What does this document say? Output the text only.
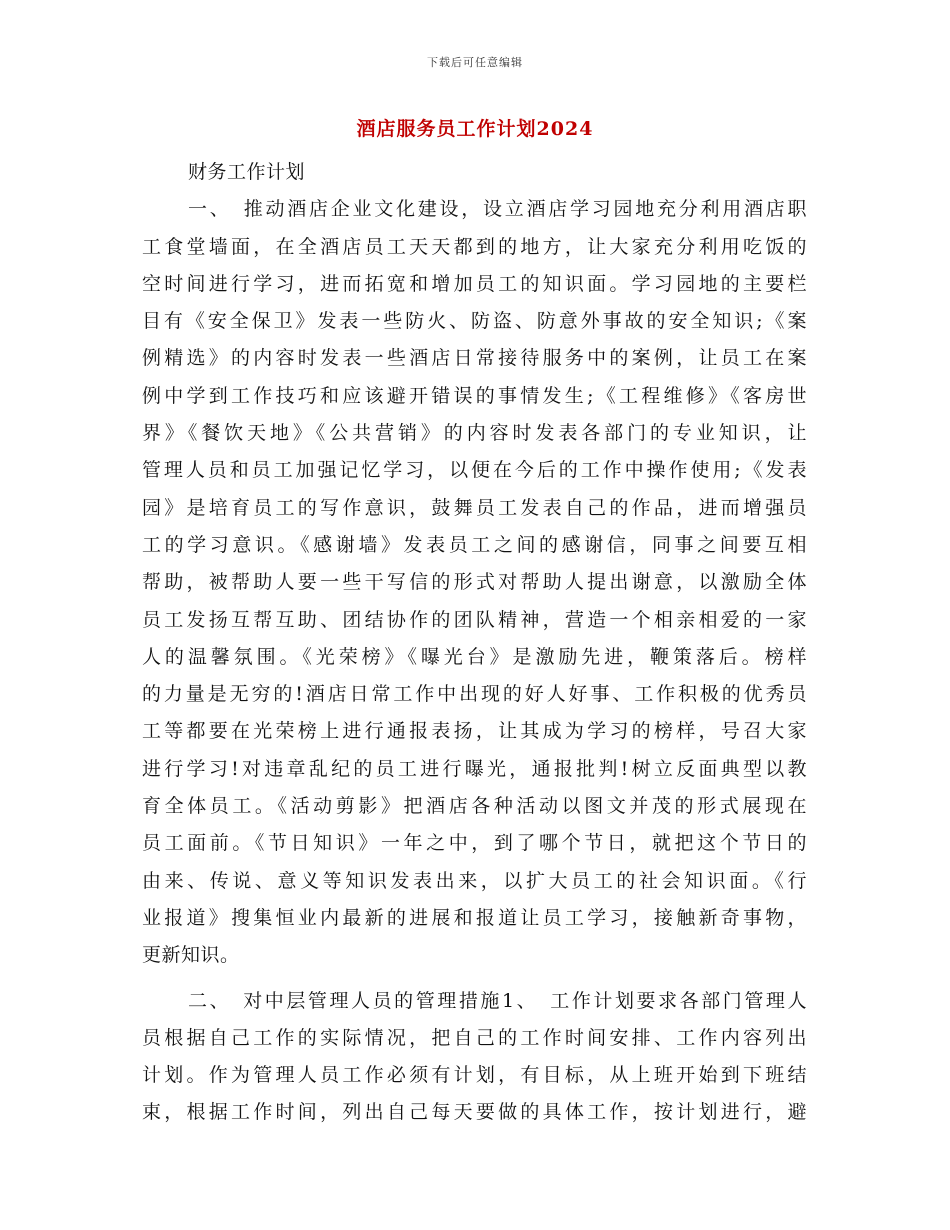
下载后可任意编辑
酒店服务员工作计划2024
财务工作计划
一、　推动酒店企业文化建设，设立酒店学习园地充分利用酒店职
工食堂墙面，在全酒店员工天天都到的地方，让大家充分利用吃饭的
空时间进行学习，进而拓宽和增加员工的知识面。学习园地的主要栏
目有《安全保卫》发表一些防火、防盗、防意外事故的安全知识;《案
例精选》的内容时发表一些酒店日常接待服务中的案例，让员工在案
例中学到工作技巧和应该避开错误的事情发生;《工程维修》《客房世
界》《餐饮天地》《公共营销》的内容时发表各部门的专业知识，让
管理人员和员工加强记忆学习，以便在今后的工作中操作使用;《发表
园》是培育员工的写作意识，鼓舞员工发表自己的作品，进而增强员
工的学习意识。《感谢墙》发表员工之间的感谢信，同事之间要互相
帮助，被帮助人要一些干写信的形式对帮助人提出谢意，以激励全体
员工发扬互帮互助、团结协作的团队精神，营造一个相亲相爱的一家
人的温馨氛围。《光荣榜》《曝光台》是激励先进，鞭策落后。榜样
的力量是无穷的!酒店日常工作中出现的好人好事、工作积极的优秀员
工等都要在光荣榜上进行通报表扬，让其成为学习的榜样，号召大家
进行学习!对违章乱纪的员工进行曝光，通报批判!树立反面典型以教
育全体员工。《活动剪影》把酒店各种活动以图文并茂的形式展现在
员工面前。《节日知识》一年之中，到了哪个节日，就把这个节日的
由来、传说、意义等知识发表出来，以扩大员工的社会知识面。《行
业报道》搜集恒业内最新的进展和报道让员工学习，接触新奇事物，
更新知识。
二、　对中层管理人员的管理措施1、　工作计划要求各部门管理人
员根据自己工作的实际情况，把自己的工作时间安排、工作内容列出
计划。作为管理人员工作必须有计划，有目标，从上班开始到下班结
束，根据工作时间，列出自己每天要做的具体工作，按计划进行，避
